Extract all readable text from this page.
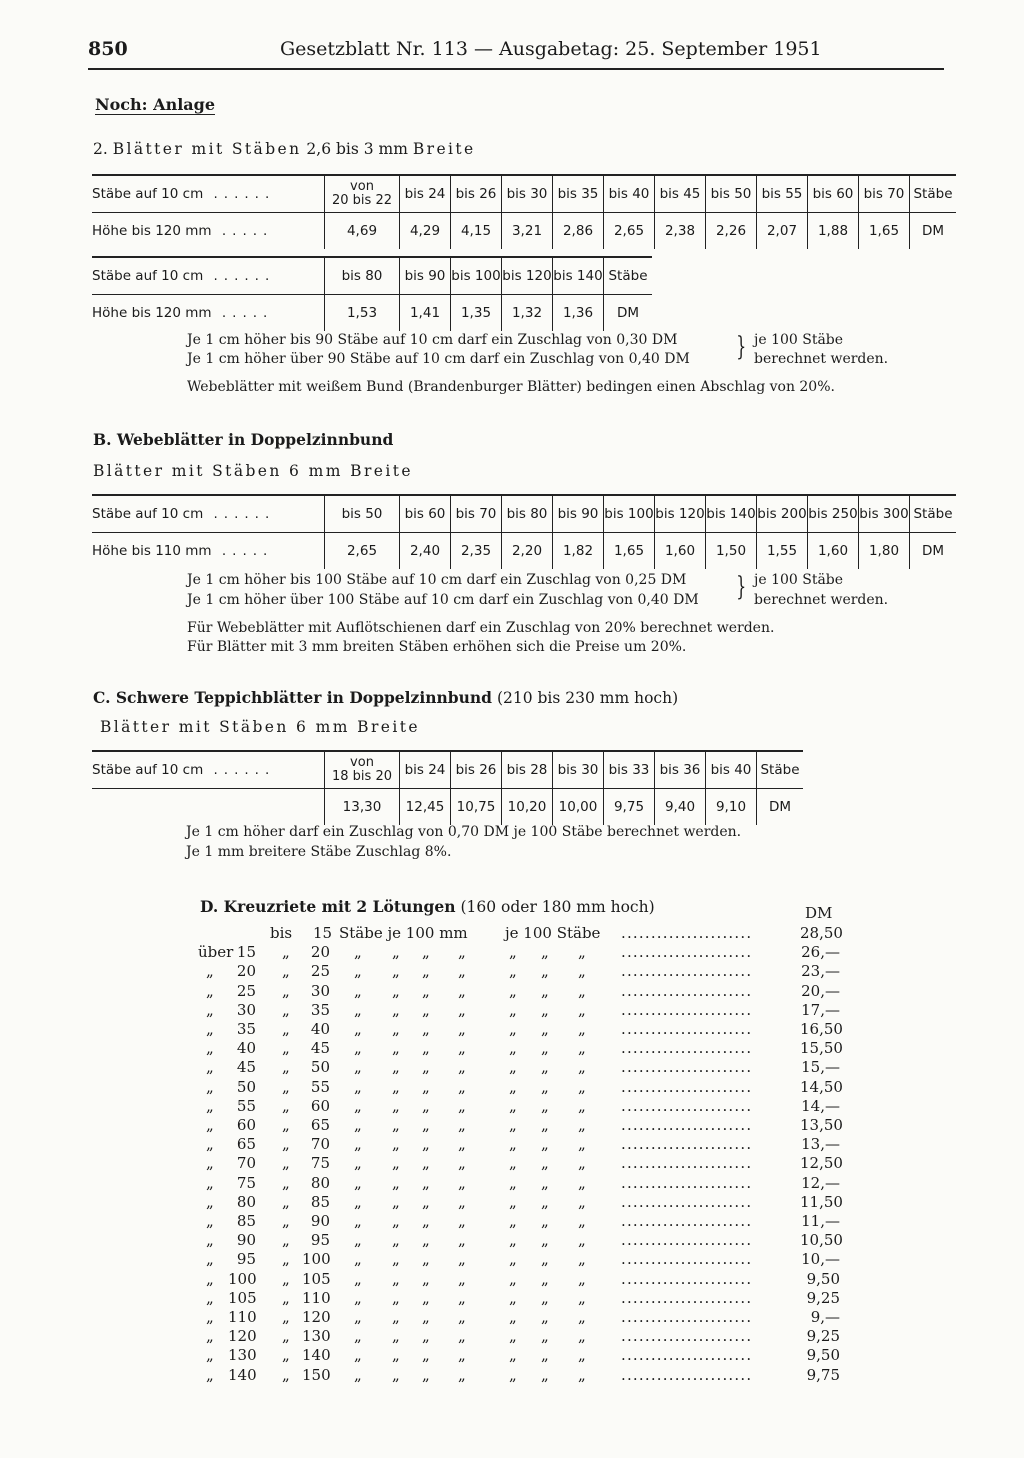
850	Gesetzblatt Nr. 113 — Ausgabetag: 25. September 1951
Noch: Anlage
2. Blätter mit Stäben 2,6 bis 3 mm Breite
Stäbe auf 10 cm ......	von
20 bis 22	bis 24	bis 26	bis 30	bis 35	bis 40	bis 45	bis 50	bis 55	bis 60	bis 70	Stäbe
Höhe bis 120 mm .....	4,69	4,29	4,15	3,21	2,86	2,65	2,38	2,26	2,07	1,88	1,65	DM
Stäbe auf 10 cm ......	bis 80	bis 90	bis 100	bis 120	bis 140	Stäbe
Höhe bis 120 mm .....	1,53	1,41	1,35	1,32	1,36	DM
Je 1 cm höher bis 90 Stäbe auf 10 cm darf ein Zuschlag von 0,30 DM
Je 1 cm höher über 90 Stäbe auf 10 cm darf ein Zuschlag von 0,40 DM } je 100 Stäbe
berechnet werden.
Webeblätter mit weißem Bund (Brandenburger Blätter) bedingen einen Abschlag von 20%.
B. Webeblätter in Doppelzinnbund
Blätter mit Stäben 6 mm Breite
Stäbe auf 10 cm ......	bis 50	bis 60	bis 70	bis 80	bis 90	bis 100	bis 120	bis 140	bis 200	bis 250	bis 300	Stäbe
Höhe bis 110 mm .....	2,65	2,40	2,35	2,20	1,82	1,65	1,60	1,50	1,55	1,60	1,80	DM
Je 1 cm höher bis 100 Stäbe auf 10 cm darf ein Zuschlag von 0,25 DM
Je 1 cm höher über 100 Stäbe auf 10 cm darf ein Zuschlag von 0,40 DM } je 100 Stäbe
berechnet werden.
Für Webeblätter mit Auflötschienen darf ein Zuschlag von 20% berechnet werden.
Für Blätter mit 3 mm breiten Stäben erhöhen sich die Preise um 20%.
C. Schwere Teppichblätter in Doppelzinnbund (210 bis 230 mm hoch)
Blätter mit Stäben 6 mm Breite
Stäbe auf 10 cm ......	von
18 bis 20	bis 24	bis 26	bis 28	bis 30	bis 33	bis 36	bis 40	Stäbe
	13,30	12,45	10,75	10,20	10,00	9,75	9,40	9,10	DM
Je 1 cm höher darf ein Zuschlag von 0,70 DM je 100 Stäbe berechnet werden.
Je 1 mm breitere Stäbe Zuschlag 8%.
D. Kreuzriete mit 2 Lötungen (160 oder 180 mm hoch)	DM
bis 15 Stäbe je 100 mm je 100 Stäbe ......................	28,50
über 15 „	20 „ „ „ „	„ „ „ ......................	26,—
„	20 „	25 „ „ „ „	„ „ „ ......................	23,—
„	25 „	30 „ „ „ „	„ „ „ ......................	20,—
„	30 „	35 „ „ „ „	„ „ „ ......................	17,—
„	35 „	40 „ „ „ „	„ „ „ ......................	16,50
„	40 „	45 „ „ „ „	„ „ „ ......................	15,50
„	45 „	50 „ „ „ „	„ „ „ ......................	15,—
„	50 „	55 „ „ „ „	„ „ „ ......................	14,50
„	55 „	60 „ „ „ „	„ „ „ ......................	14,—
„	60 „	65 „ „ „ „	„ „ „ ......................	13,50
„	65 „	70 „ „ „ „	„ „ „ ......................	13,—
„	70 „	75 „ „ „ „	„ „ „ ......................	12,50
„	75 „	80 „ „ „ „	„ „ „ ......................	12,—
„	80 „	85 „ „ „ „	„ „ „ ......................	11,50
„	85 „	90 „ „ „ „	„ „ „ ......................	11,—
„	90 „	95 „ „ „ „	„ „ „ ......................	10,50
„	95 „ 100 „ „ „ „	„ „ „ ......................	10,—
„ 100 „ 105 „ „ „ „	„ „ „ ......................	9,50
„ 105 „ 110 „ „ „ „	„ „ „ ......................	9,25
„ 110 „ 120 „ „ „ „	„ „ „ ......................	9,—
„ 120 „ 130 „ „ „ „	„ „ „ ......................	9,25
„ 130 „ 140 „ „ „ „	„ „ „ ......................	9,50
„ 140 „ 150 „ „ „ „	„ „ „ ......................	9,75
